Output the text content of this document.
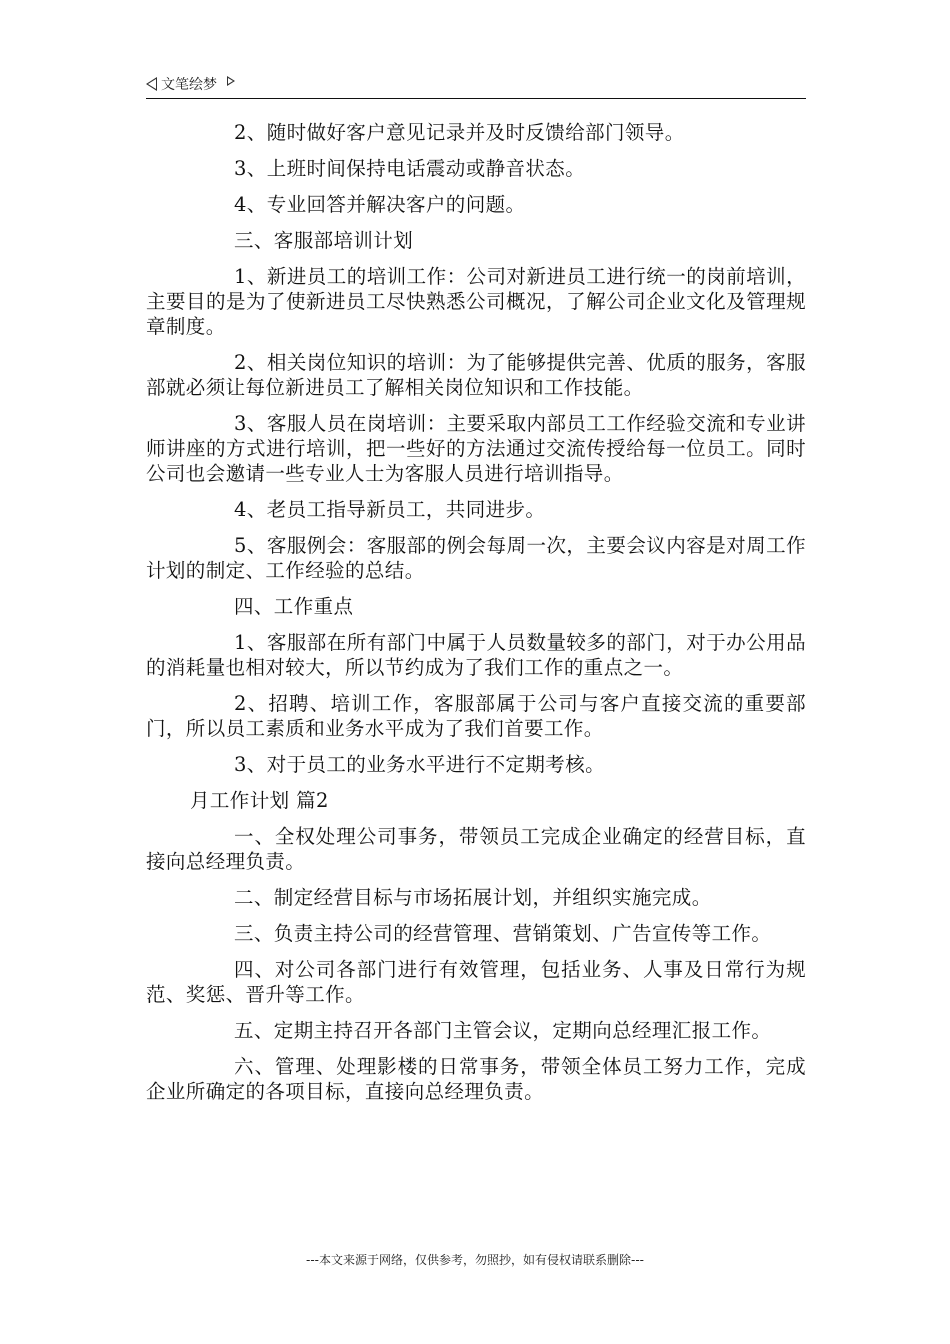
文笔绘梦

2、随时做好客户意见记录并及时反馈给部门领导。

3、上班时间保持电话震动或静音状态。

4、专业回答并解决客户的问题。

三、客服部培训计划

1、新进员工的培训工作：公司对新进员工进行统一的岗前培训，主要目的是为了使新进员工尽快熟悉公司概况，了解公司企业文化及管理规章制度。

2、相关岗位知识的培训：为了能够提供完善、优质的服务，客服部就必须让每位新进员工了解相关岗位知识和工作技能。

3、客服人员在岗培训：主要采取内部员工工作经验交流和专业讲师讲座的方式进行培训，把一些好的方法通过交流传授给每一位员工。同时公司也会邀请一些专业人士为客服人员进行培训指导。

4、老员工指导新员工，共同进步。

5、客服例会：客服部的例会每周一次，主要会议内容是对周工作计划的制定、工作经验的总结。

四、工作重点

1、客服部在所有部门中属于人员数量较多的部门，对于办公用品的消耗量也相对较大，所以节约成为了我们工作的重点之一。

2、招聘、培训工作，客服部属于公司与客户直接交流的重要部门，所以员工素质和业务水平成为了我们首要工作。

3、对于员工的业务水平进行不定期考核。

月工作计划 篇2

一、全权处理公司事务，带领员工完成企业确定的经营目标，直接向总经理负责。

二、制定经营目标与市场拓展计划，并组织实施完成。

三、负责主持公司的经营管理、营销策划、广告宣传等工作。

四、对公司各部门进行有效管理，包括业务、人事及日常行为规范、奖惩、晋升等工作。

五、定期主持召开各部门主管会议，定期向总经理汇报工作。

六、管理、处理影楼的日常事务，带领全体员工努力工作，完成企业所确定的各项目标，直接向总经理负责。

---本文来源于网络，仅供参考，勿照抄，如有侵权请联系删除---
